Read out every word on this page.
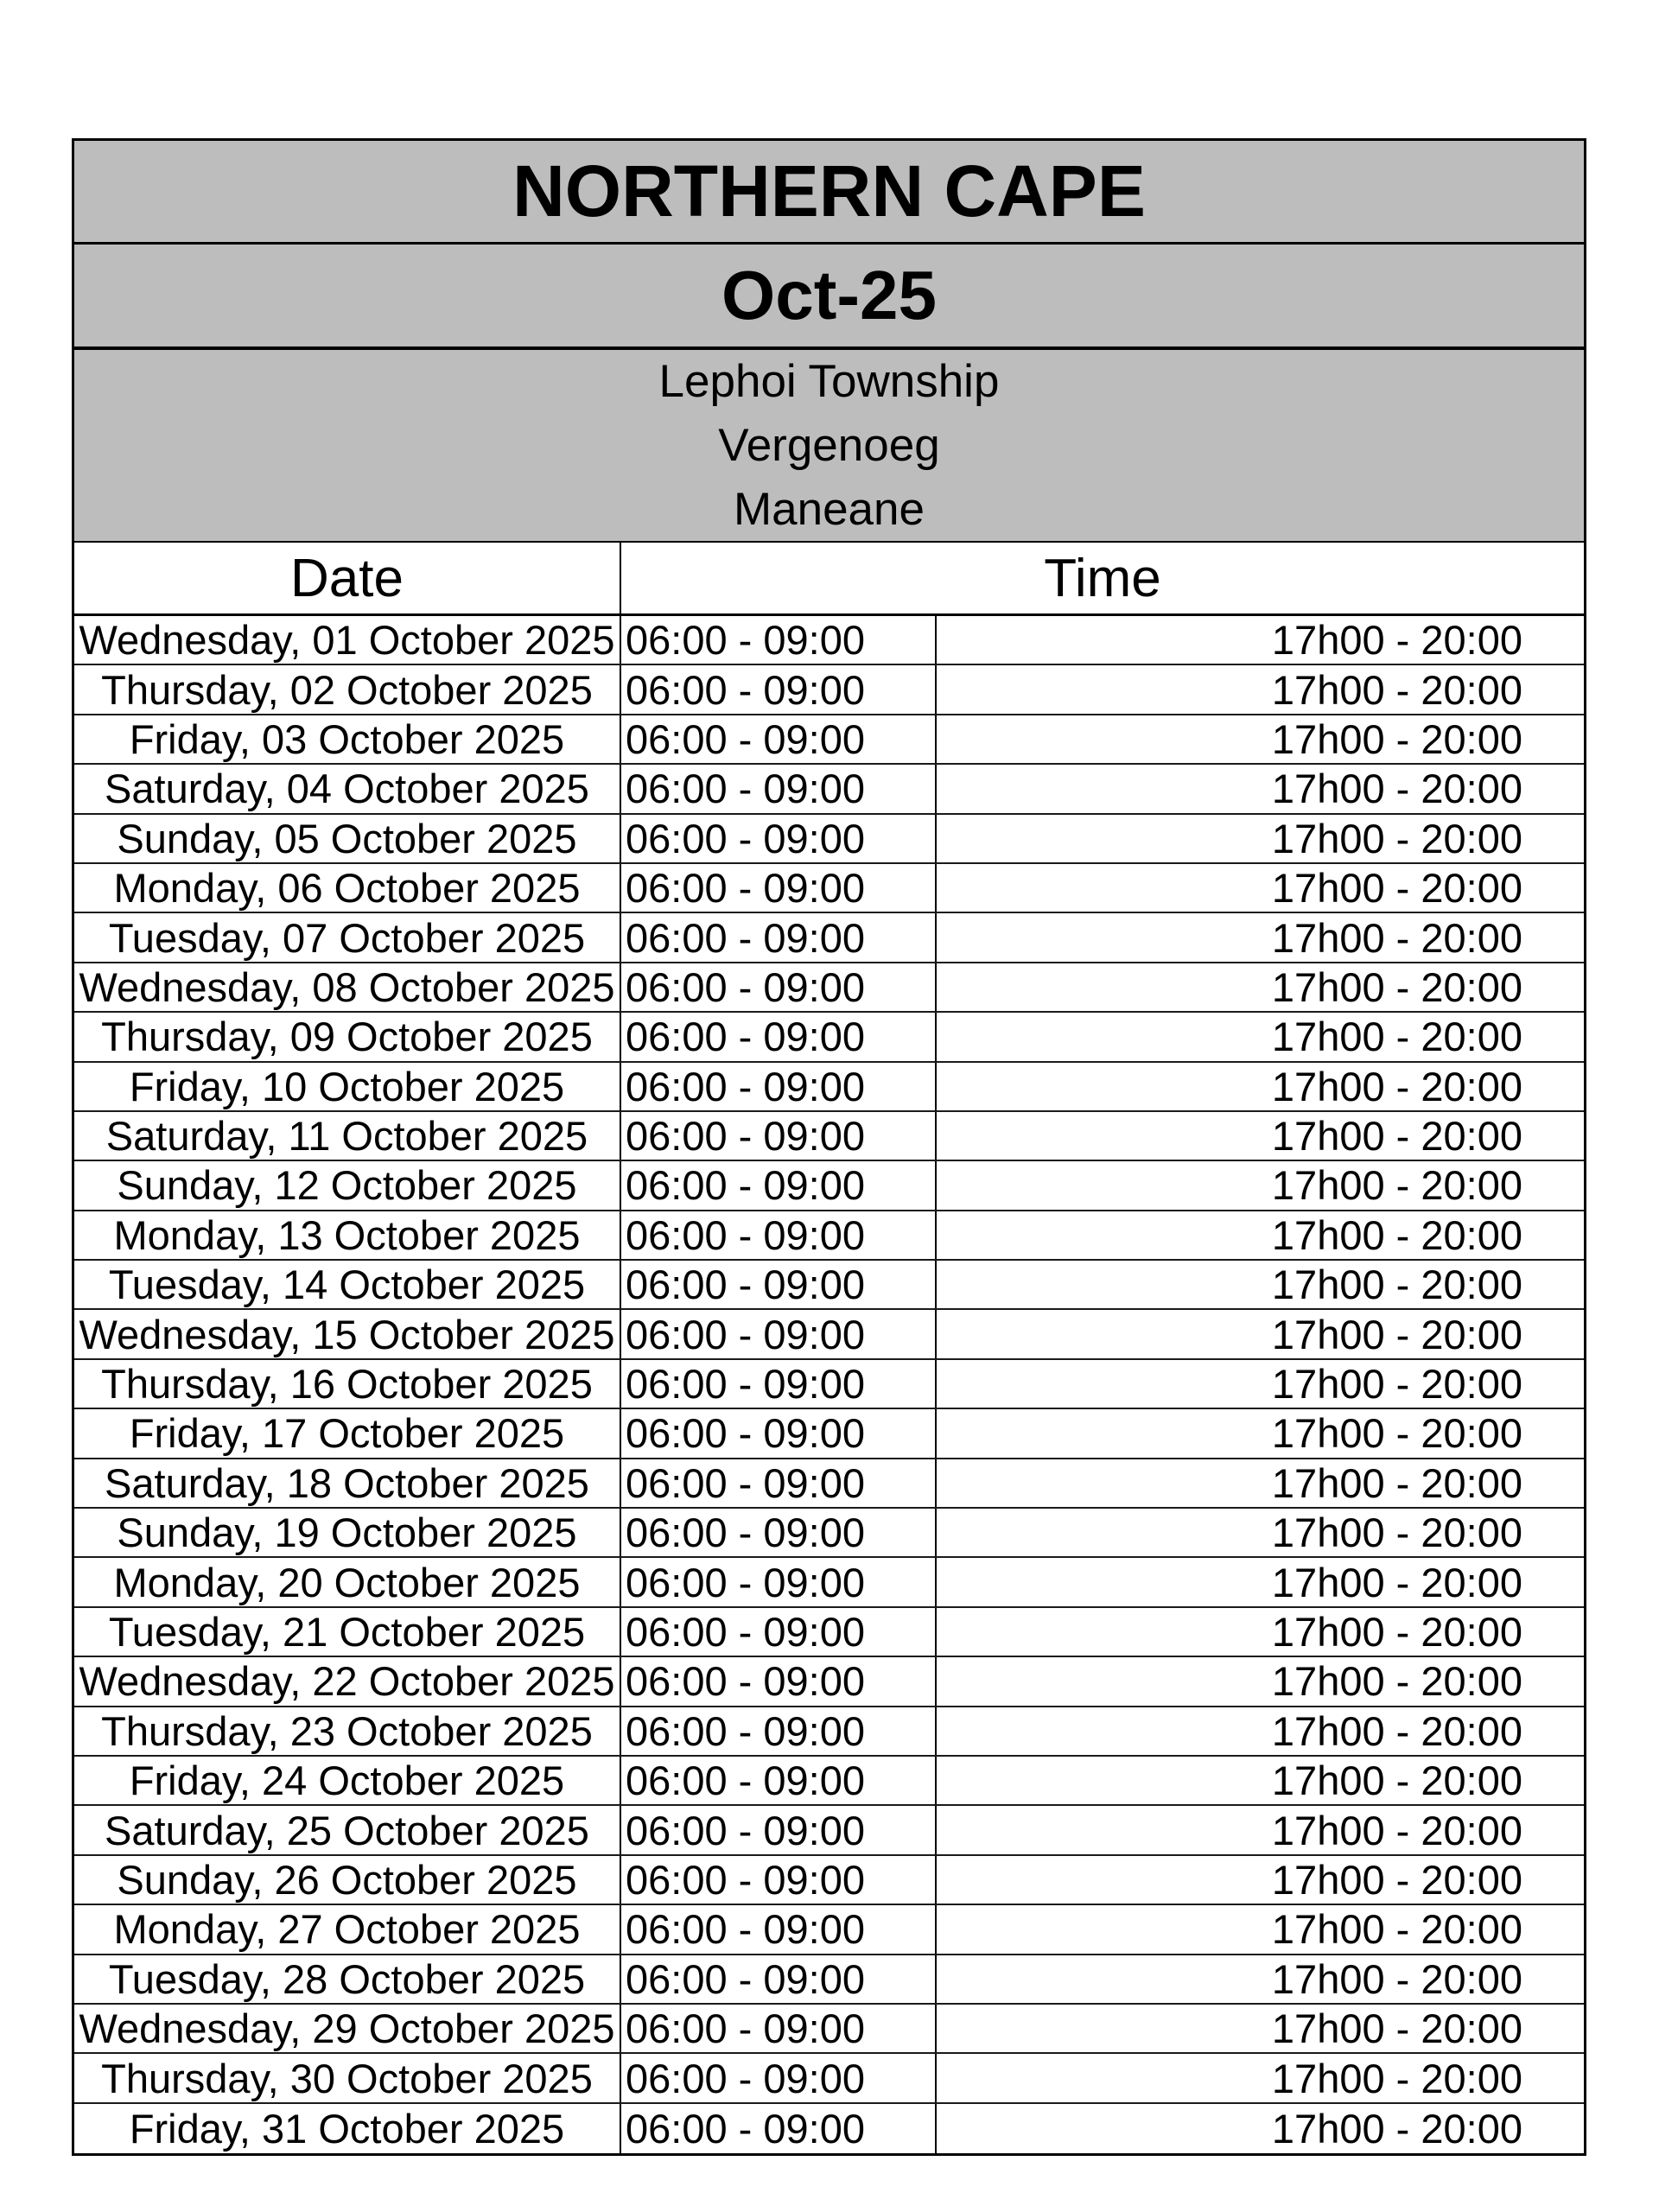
NORTHERN CAPE
Oct-25
Lephoi Township
Vergenoeg
Maneane
Date	Time
Wednesday, 01 October 2025 06:00 - 09:00	17h00 - 20:00
Thursday, 02 October 2025 06:00 - 09:00	17h00 - 20:00
Friday, 03 October 2025	06:00 - 09:00	17h00 - 20:00
Saturday, 04 October 2025 06:00 - 09:00	17h00 - 20:00
Sunday, 05 October 2025	06:00 - 09:00	17h00 - 20:00
Monday, 06 October 2025	06:00 - 09:00	17h00 - 20:00
Tuesday, 07 October 2025 06:00 - 09:00	17h00 - 20:00
Wednesday, 08 October 2025 06:00 - 09:00	17h00 - 20:00
Thursday, 09 October 2025 06:00 - 09:00	17h00 - 20:00
Friday, 10 October 2025	06:00 - 09:00	17h00 - 20:00
Saturday, 11 October 2025 06:00 - 09:00	17h00 - 20:00
Sunday, 12 October 2025	06:00 - 09:00	17h00 - 20:00
Monday, 13 October 2025	06:00 - 09:00	17h00 - 20:00
Tuesday, 14 October 2025 06:00 - 09:00	17h00 - 20:00
Wednesday, 15 October 2025 06:00 - 09:00	17h00 - 20:00
Thursday, 16 October 2025 06:00 - 09:00	17h00 - 20:00
Friday, 17 October 2025	06:00 - 09:00	17h00 - 20:00
Saturday, 18 October 2025 06:00 - 09:00	17h00 - 20:00
Sunday, 19 October 2025	06:00 - 09:00	17h00 - 20:00
Monday, 20 October 2025	06:00 - 09:00	17h00 - 20:00
Tuesday, 21 October 2025 06:00 - 09:00	17h00 - 20:00
Wednesday, 22 October 2025 06:00 - 09:00	17h00 - 20:00
Thursday, 23 October 2025 06:00 - 09:00	17h00 - 20:00
Friday, 24 October 2025	06:00 - 09:00	17h00 - 20:00
Saturday, 25 October 2025 06:00 - 09:00	17h00 - 20:00
Sunday, 26 October 2025	06:00 - 09:00	17h00 - 20:00
Monday, 27 October 2025	06:00 - 09:00	17h00 - 20:00
Tuesday, 28 October 2025 06:00 - 09:00	17h00 - 20:00
Wednesday, 29 October 2025 06:00 - 09:00	17h00 - 20:00
Thursday, 30 October 2025 06:00 - 09:00	17h00 - 20:00
Friday, 31 October 2025	06:00 - 09:00	17h00 - 20:00
